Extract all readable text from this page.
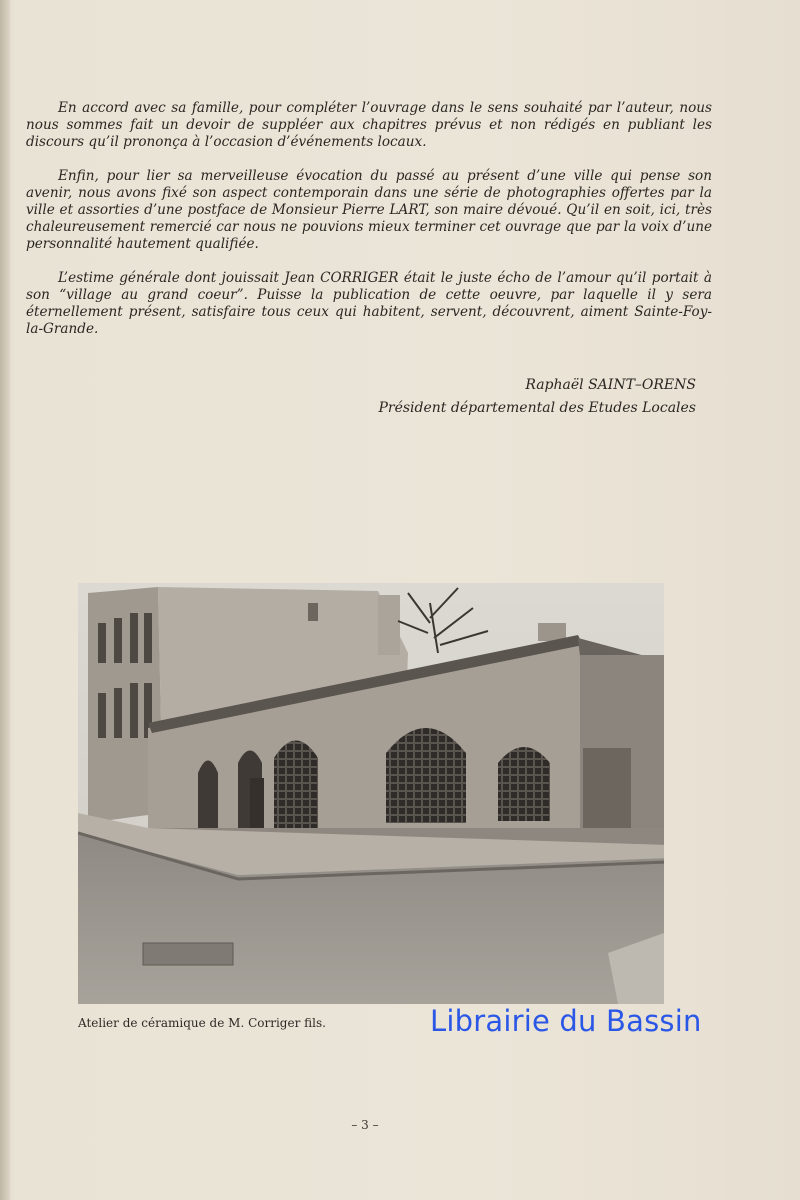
En accord avec sa famille, pour compléter l’ouvrage dans le sens souhaité par l’auteur, nous nous sommes fait un devoir de suppléer aux chapitres prévus et non rédigés en publiant les discours qu’il prononça à l’occasion d’événements locaux.

Enfin, pour lier sa merveilleuse évocation du passé au présent d’une ville qui pense son avenir, nous avons fixé son aspect contemporain dans une série de photographies offertes par la ville et assorties d’une postface de Monsieur Pierre LART, son maire dévoué. Qu’il en soit, ici, très chaleureusement remercié car nous ne pouvions mieux terminer cet ouvrage que par la voix d’une personnalité hautement qualifiée.

L’estime générale dont jouissait Jean CORRIGER était le juste écho de l’amour qu’il portait à son “village au grand coeur”. Puisse la publication de cette oeuvre, par laquelle il y sera éternellement présent, satisfaire tous ceux qui habitent, servent, découvrent, aiment Sainte-Foy-la-Grande.

Raphaël SAINT–ORENS
Président départemental des Etudes Locales
Atelier de céramique de M. Corriger fils.	Librairie du Bassin
– 3 –
